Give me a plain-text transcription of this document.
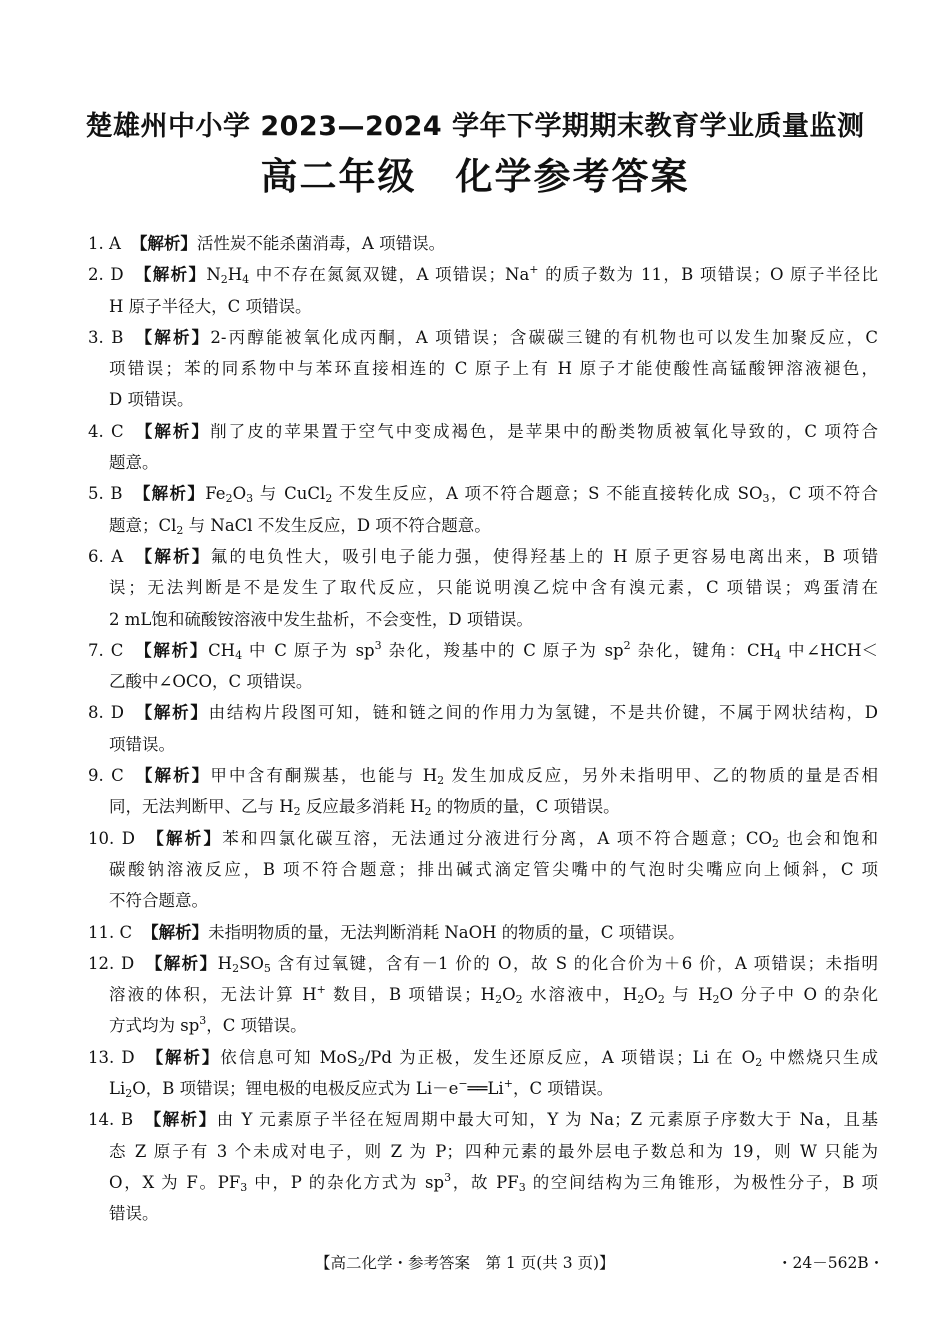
楚雄州中小学 2023—2024 学年下学期期末教育学业质量监测
高二年级　化学参考答案
1. A 【解析】活性炭不能杀菌消毒，A 项错误。
2. D 【解析】$N_2H_4$ 中不存在氮氮双键，A 项错误；Na+ 的质子数为 11，B 项错误；O 原子半径比
H 原子半径大，C 项错误。
3. B 【解析】2-丙醇能被氧化成丙酮，A 项错误；含碳碳三键的有机物也可以发生加聚反应，C
项错误；苯的同系物中与苯环直接相连的 C 原子上有 H 原子才能使酸性高锰酸钾溶液褪色，
D 项错误。
4. C 【解析】削了皮的苹果置于空气中变成褐色，是苹果中的酚类物质被氧化导致的，C 项符合
题意。
5. B 【解析】$Fe_2O_3$ 与 CuCl$_2$ 不发生反应，A 项不符合题意；S 不能直接转化成 $SO_3$，C 项不符合
题意；$Cl_2$ 与 NaCl 不发生反应，D 项不符合题意。
6. A 【解析】氟的电负性大，吸引电子能力强，使得羟基上的 H 原子更容易电离出来，B 项错
误；无法判断是不是发生了取代反应，只能说明溴乙烷中含有溴元素，C 项错误；鸡蛋清在
2 mL饱和硫酸铵溶液中发生盐析，不会变性，D 项错误。
7. C 【解析】$CH_4$ 中 C 原子为 $sp^3$ 杂化，羧基中的 C 原子为 $sp^2$ 杂化，键角：$CH_4$ 中∠HCH＜
乙酸中∠OCO，C 项错误。
8. D 【解析】由结构片段图可知，链和链之间的作用力为氢键，不是共价键，不属于网状结构，D
项错误。
9. C 【解析】甲中含有酮羰基，也能与 $H_2$ 发生加成反应，另外未指明甲、乙的物质的量是否相
同，无法判断甲、乙与 $H_2$ 反应最多消耗 $H_2$ 的物质的量，C 项错误。
10. D 【解析】苯和四氯化碳互溶，无法通过分液进行分离，A 项不符合题意；$CO_2$ 也会和饱和
碳酸钠溶液反应，B 项不符合题意；排出碱式滴定管尖嘴中的气泡时尖嘴应向上倾斜，C 项
不符合题意。
11. C 【解析】未指明物质的量，无法判断消耗 NaOH 的物质的量，C 项错误。
12. D 【解析】$H_2SO_5$ 含有过氧键，含有－1 价的 O，故 S 的化合价为＋6 价，A 项错误；未指明
溶液的体积，无法计算 H+ 数目，B 项错误；$H_2O_2$ 水溶液中，$H_2O_2$ 与 $H_2O$ 分子中 O 的杂化
方式均为 $sp^3$，C 项错误。
13. D 【解析】依信息可知 MoS$_2$/Pd 为正极，发生还原反应，A 项错误；Li 在 $O_2$ 中燃烧只生成
$Li_2O$，B 项错误；锂电极的电极反应式为 Li－e−══Li+，C 项错误。
14. B 【解析】由 Y 元素原子半径在短周期中最大可知，Y 为 Na；Z 元素原子序数大于 Na，且基
态 Z 原子有 3 个未成对电子，则 Z 为 P；四种元素的最外层电子数总和为 19，则 W 只能为
O，X 为 F。$PF_3$ 中，P 的杂化方式为 $sp^3$，故 $PF_3$ 的空间结构为三角锥形，为极性分子，B 项
错误。
【高二化学・参考答案　第 1 页(共 3 页)】	・24－562B・
